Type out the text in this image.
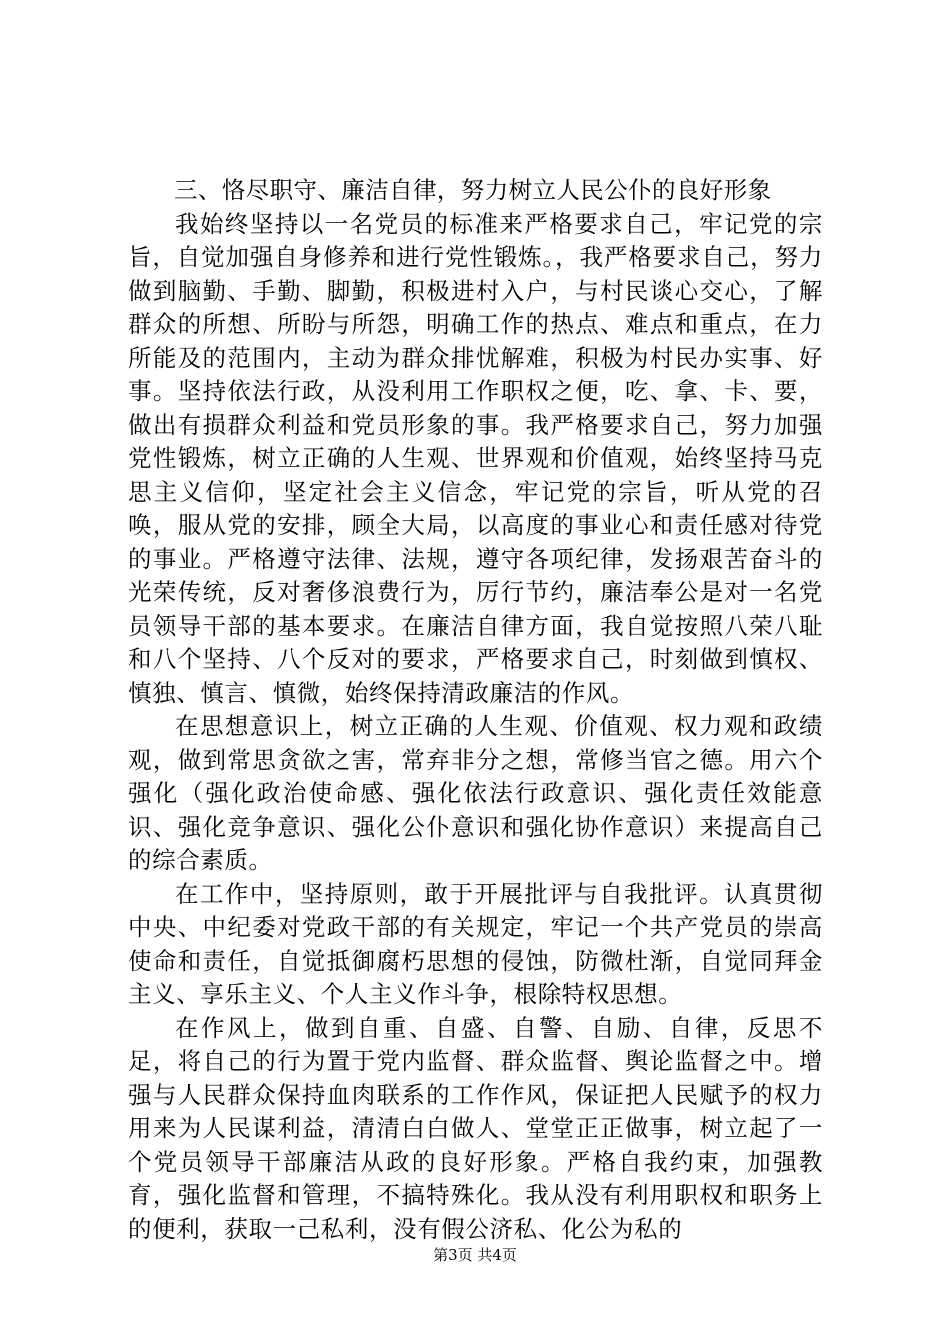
三、恪尽职守、廉洁自律，努力树立人民公仆的良好形象

我始终坚持以一名党员的标准来严格要求自己，牢记党的宗旨，自觉加强自身修养和进行党性锻炼。，我严格要求自己，努力做到脑勤、手勤、脚勤，积极进村入户，与村民谈心交心，了解群众的所想、所盼与所怨，明确工作的热点、难点和重点，在力所能及的范围内，主动为群众排忧解难，积极为村民办实事、好事。坚持依法行政，从没利用工作职权之便，吃、拿、卡、要，做出有损群众利益和党员形象的事。我严格要求自己，努力加强党性锻炼，树立正确的人生观、世界观和价值观，始终坚持马克思主义信仰，坚定社会主义信念，牢记党的宗旨，听从党的召唤，服从党的安排，顾全大局，以高度的事业心和责任感对待党的事业。严格遵守法律、法规，遵守各项纪律，发扬艰苦奋斗的光荣传统，反对奢侈浪费行为，厉行节约，廉洁奉公是对一名党员领导干部的基本要求。在廉洁自律方面，我自觉按照八荣八耻和八个坚持、八个反对的要求，严格要求自己，时刻做到慎权、慎独、慎言、慎微，始终保持清政廉洁的作风。

在思想意识上，树立正确的人生观、价值观、权力观和政绩观，做到常思贪欲之害，常弃非分之想，常修当官之德。用六个强化（强化政治使命感、强化依法行政意识、强化责任效能意识、强化竞争意识、强化公仆意识和强化协作意识）来提高自己的综合素质。

在工作中，坚持原则，敢于开展批评与自我批评。认真贯彻中央、中纪委对党政干部的有关规定，牢记一个共产党员的崇高使命和责任，自觉抵御腐朽思想的侵蚀，防微杜渐，自觉同拜金主义、享乐主义、个人主义作斗争，根除特权思想。

在作风上，做到自重、自盛、自警、自励、自律，反思不足，将自己的行为置于党内监督、群众监督、舆论监督之中。增强与人民群众保持血肉联系的工作作风，保证把人民赋予的权力用来为人民谋利益，清清白白做人、堂堂正正做事，树立起了一个党员领导干部廉洁从政的良好形象。严格自我约束，加强教育，强化监督和管理，不搞特殊化。我从没有利用职权和职务上的便利，获取一己私利，没有假公济私、化公为私的

第3页 共4页
